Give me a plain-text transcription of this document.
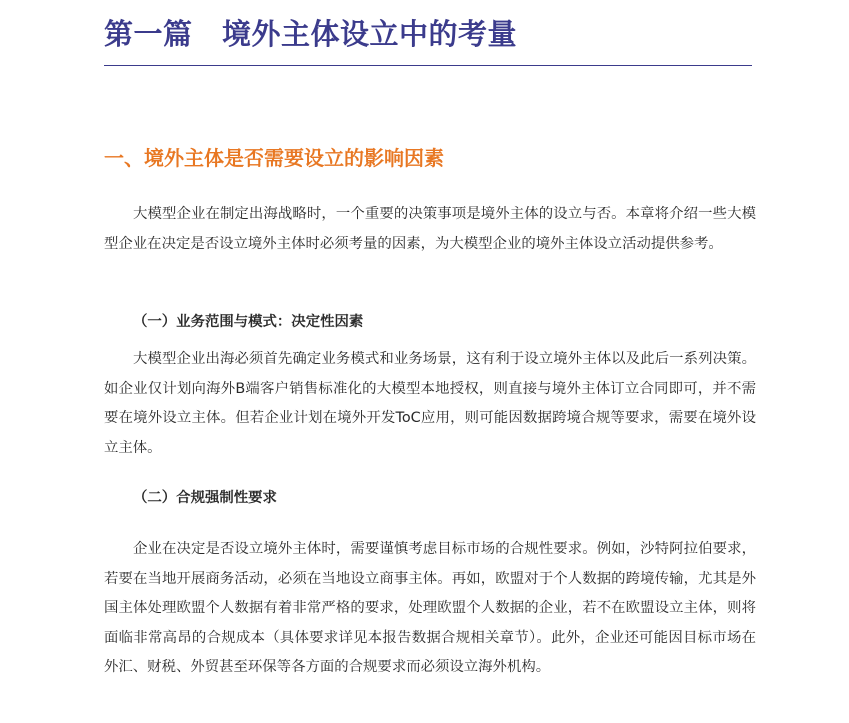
第一篇　境外主体设立中的考量
一、境外主体是否需要设立的影响因素

大模型企业在制定出海战略时，一个重要的决策事项是境外主体的设立与否。本章将介绍一些大模型企业在决定是否设立境外主体时必须考量的因素，为大模型企业的境外主体设立活动提供参考。

（一）业务范围与模式：决定性因素

大模型企业出海必须首先确定业务模式和业务场景，这有利于设立境外主体以及此后一系列决策。如企业仅计划向海外B端客户销售标准化的大模型本地授权，则直接与境外主体订立合同即可，并不需要在境外设立主体。但若企业计划在境外开发ToC应用，则可能因数据跨境合规等要求，需要在境外设立主体。

（二）合规强制性要求

企业在决定是否设立境外主体时，需要谨慎考虑目标市场的合规性要求。例如，沙特阿拉伯要求，若要在当地开展商务活动，必须在当地设立商事主体。再如，欧盟对于个人数据的跨境传输，尤其是外国主体处理欧盟个人数据有着非常严格的要求，处理欧盟个人数据的企业，若不在欧盟设立主体，则将面临非常高昂的合规成本（具体要求详见本报告数据合规相关章节）。此外，企业还可能因目标市场在外汇、财税、外贸甚至环保等各方面的合规要求而必须设立海外机构。
